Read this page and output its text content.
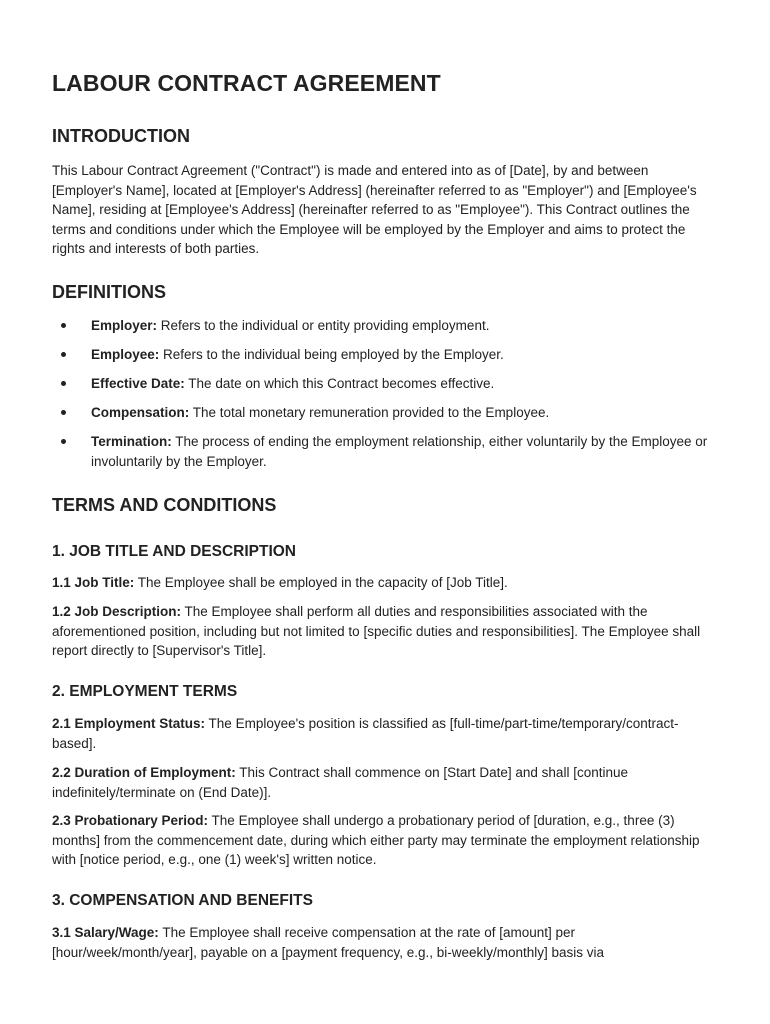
LABOUR CONTRACT AGREEMENT
INTRODUCTION

This Labour Contract Agreement ("Contract") is made and entered into as of [Date], by and between [Employer's Name], located at [Employer's Address] (hereinafter referred to as "Employer") and [Employee's Name], residing at [Employee's Address] (hereinafter referred to as "Employee"). This Contract outlines the terms and conditions under which the Employee will be employed by the Employer and aims to protect the rights and interests of both parties.

DEFINITIONS
Employer: Refers to the individual or entity providing employment.
Employee: Refers to the individual being employed by the Employer.
Effective Date: The date on which this Contract becomes effective.
Compensation: The total monetary remuneration provided to the Employee.
Termination: The process of ending the employment relationship, either voluntarily by the Employee or involuntarily by the Employer.
TERMS AND CONDITIONS
1. JOB TITLE AND DESCRIPTION

1.1 Job Title: The Employee shall be employed in the capacity of [Job Title].

1.2 Job Description: The Employee shall perform all duties and responsibilities associated with the aforementioned position, including but not limited to [specific duties and responsibilities]. The Employee shall report directly to [Supervisor's Title].

2. EMPLOYMENT TERMS

2.1 Employment Status: The Employee's position is classified as [full-time/part-time/temporary/contract-based].

2.2 Duration of Employment: This Contract shall commence on [Start Date] and shall [continue indefinitely/terminate on (End Date)].

2.3 Probationary Period: The Employee shall undergo a probationary period of [duration, e.g., three (3) months] from the commencement date, during which either party may terminate the employment relationship with [notice period, e.g., one (1) week's] written notice.

3. COMPENSATION AND BENEFITS

3.1 Salary/Wage: The Employee shall receive compensation at the rate of [amount] per [hour/week/month/year], payable on a [payment frequency, e.g., bi-weekly/monthly] basis via
